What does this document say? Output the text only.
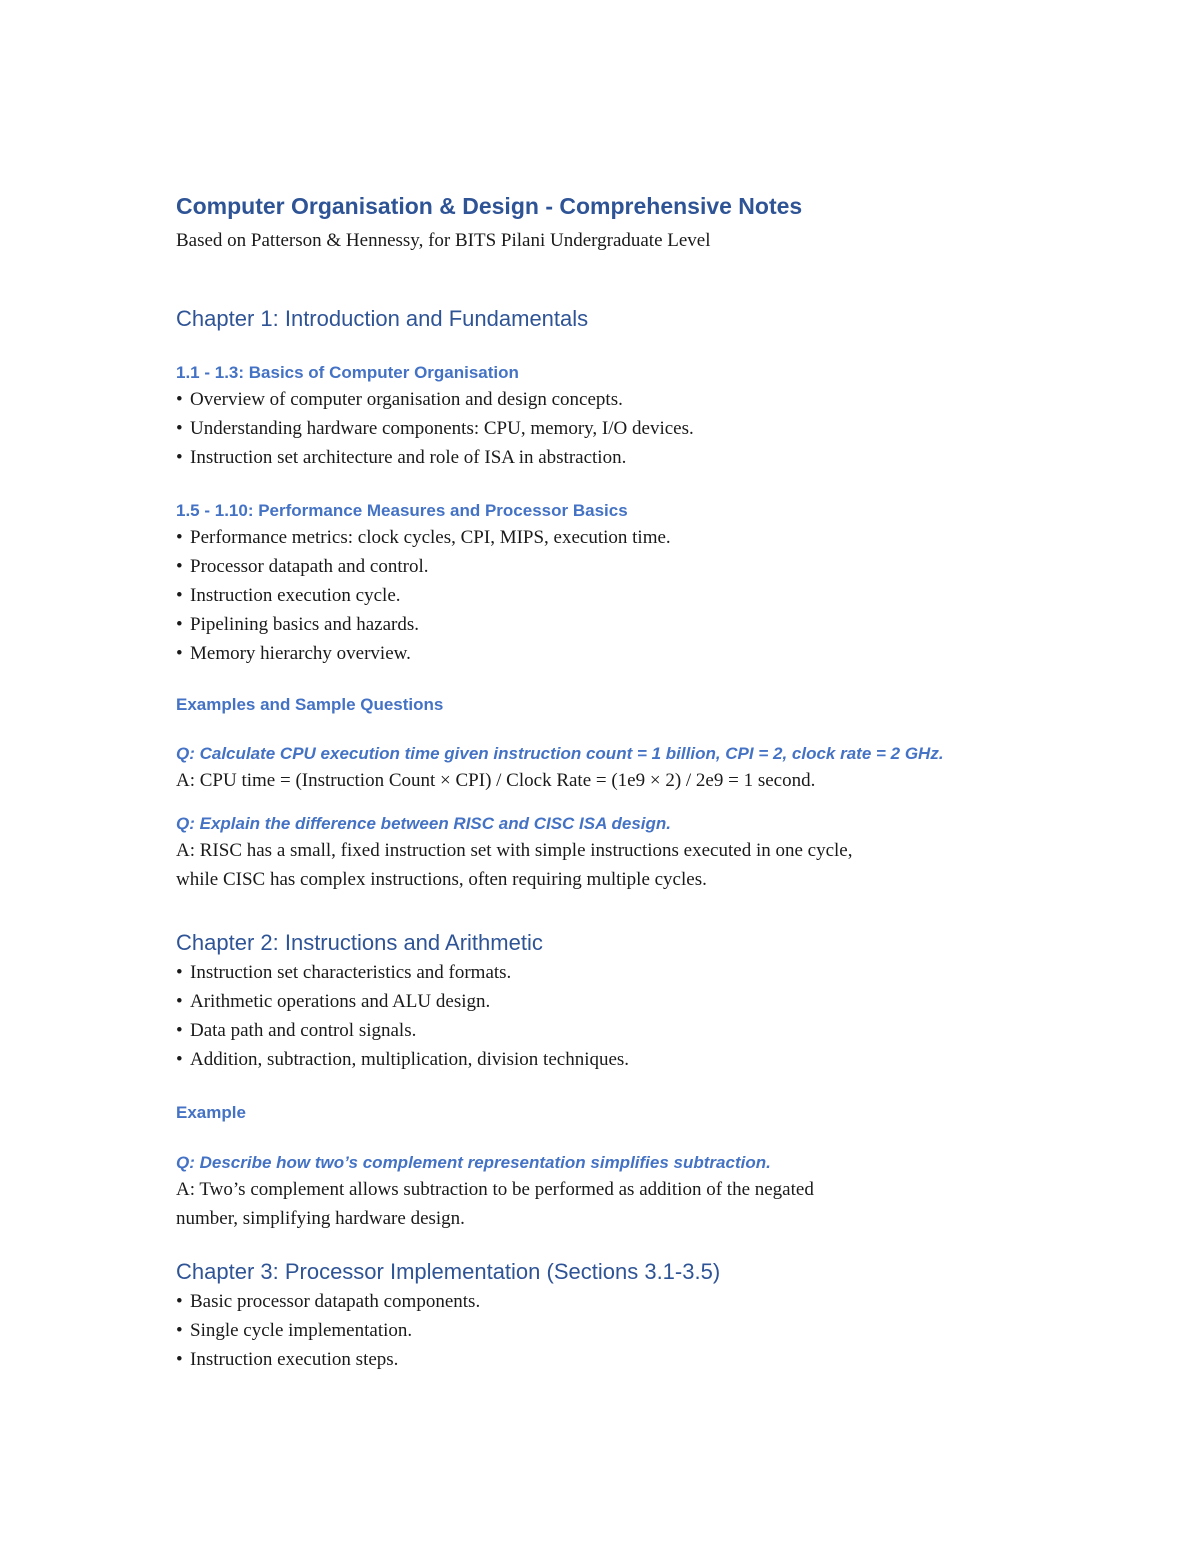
Computer Organisation & Design - Comprehensive Notes

Based on Patterson & Hennessy, for BITS Pilani Undergraduate Level

Chapter 1: Introduction and Fundamentals
1.1 - 1.3: Basics of Computer Organisation
• Overview of computer organisation and design concepts.
• Understanding hardware components: CPU, memory, I/O devices.
• Instruction set architecture and role of ISA in abstraction.
1.5 - 1.10: Performance Measures and Processor Basics
• Performance metrics: clock cycles, CPI, MIPS, execution time.
• Processor datapath and control.
• Instruction execution cycle.
• Pipelining basics and hazards.
• Memory hierarchy overview.
Examples and Sample Questions

Q: Calculate CPU execution time given instruction count = 1 billion, CPI = 2, clock rate = 2 GHz.

A: CPU time = (Instruction Count × CPI) / Clock Rate = (1e9 × 2) / 2e9 = 1 second.

Q: Explain the difference between RISC and CISC ISA design.

A: RISC has a small, fixed instruction set with simple instructions executed in one cycle,

while CISC has complex instructions, often requiring multiple cycles.

Chapter 2: Instructions and Arithmetic
• Instruction set characteristics and formats.
• Arithmetic operations and ALU design.
• Data path and control signals.
• Addition, subtraction, multiplication, division techniques.
Example

Q: Describe how two’s complement representation simplifies subtraction.

A: Two’s complement allows subtraction to be performed as addition of the negated

number, simplifying hardware design.

Chapter 3: Processor Implementation (Sections 3.1-3.5)
• Basic processor datapath components.
• Single cycle implementation.
• Instruction execution steps.
